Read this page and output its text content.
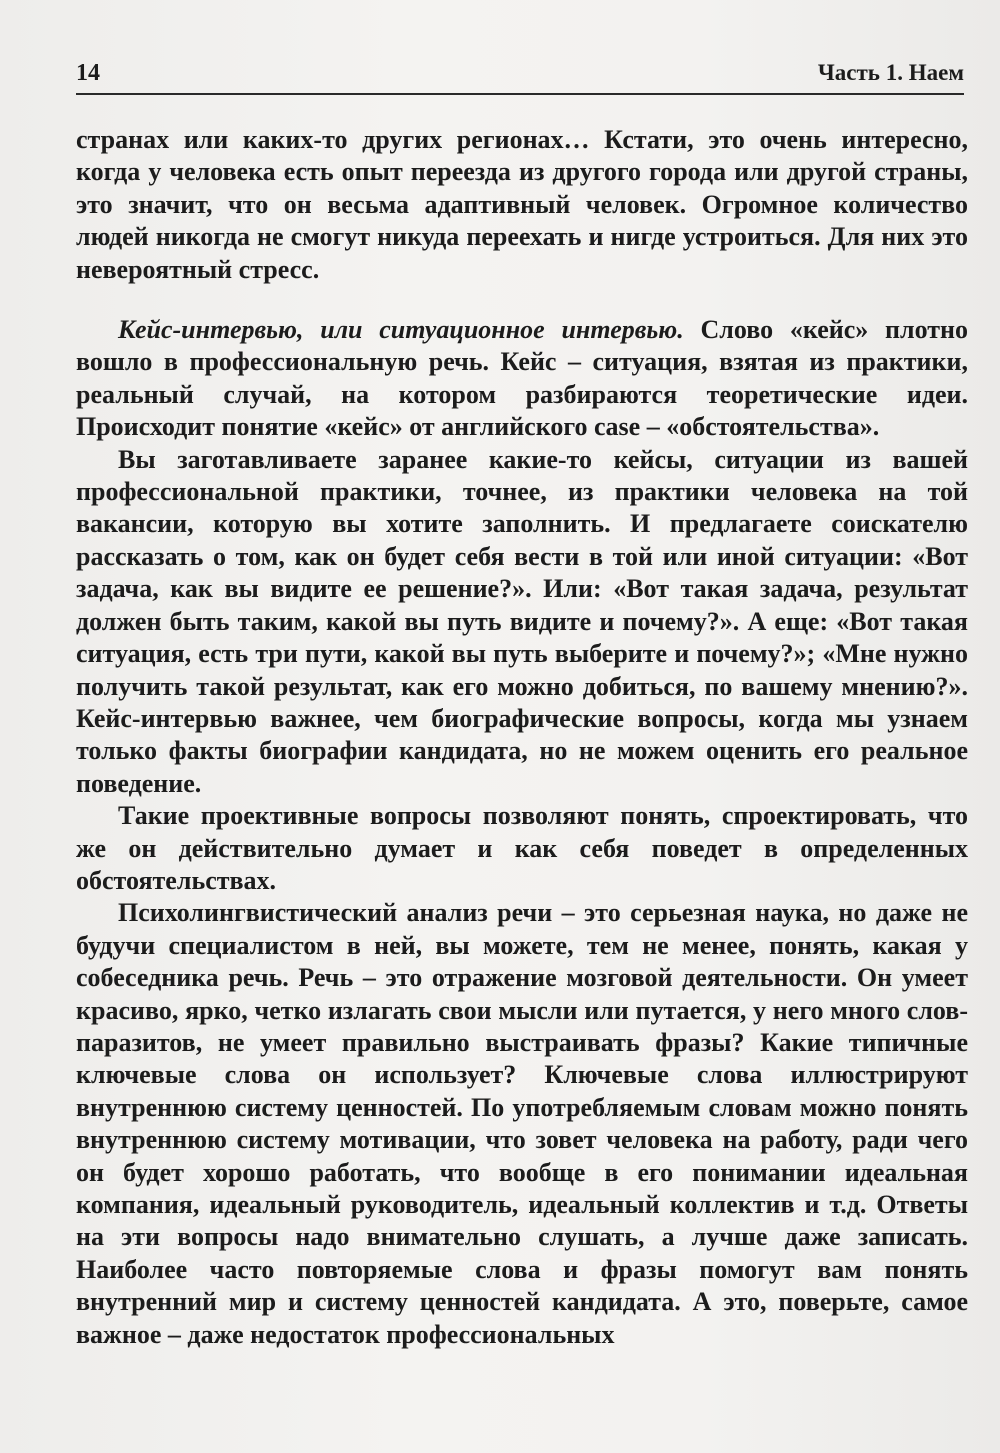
14	Часть 1. Наем

странах или каких-то других регионах… Кстати, это очень интересно, когда у человека есть опыт переезда из другого города или другой страны, это значит, что он весьма адаптивный человек. Огромное количество людей никогда не смогут никуда переехать и нигде устроиться. Для них это невероятный стресс.

Кейс-интервью, или ситуационное интервью. Слово «кейс» плотно вошло в профессиональную речь. Кейс – ситуация, взятая из практики, реальный случай, на котором разбираются теоретические идеи. Происходит понятие «кейс» от английского case – «обстоятельства».

Вы заготавливаете заранее какие-то кейсы, ситуации из вашей профессиональной практики, точнее, из практики человека на той вакансии, которую вы хотите заполнить. И предлагаете соискателю рассказать о том, как он будет себя вести в той или иной ситуации: «Вот задача, как вы видите ее решение?». Или: «Вот такая задача, результат должен быть таким, какой вы путь видите и почему?». А еще: «Вот такая ситуация, есть три пути, какой вы путь выберите и почему?»; «Мне нужно получить такой результат, как его можно добиться, по вашему мнению?». Кейс-интервью важнее, чем биографические вопросы, когда мы узнаем только факты биографии кандидата, но не можем оценить его реальное поведение.

Такие проективные вопросы позволяют понять, спроектировать, что же он действительно думает и как себя поведет в определенных обстоятельствах.

Психолингвистический анализ речи – это серьезная наука, но даже не будучи специалистом в ней, вы можете, тем не менее, понять, какая у собеседника речь. Речь – это отражение мозговой деятельности. Он умеет красиво, ярко, четко излагать свои мысли или путается, у него много слов-паразитов, не умеет правильно выстраивать фразы? Какие типичные ключевые слова он использует? Ключевые слова иллюстрируют внутреннюю систему ценностей. По употребляемым словам можно понять внутреннюю систему мотивации, что зовет человека на работу, ради чего он будет хорошо работать, что вообще в его понимании идеальная компания, идеальный руководитель, идеальный коллектив и т.д. Ответы на эти вопросы надо внимательно слушать, а лучше даже записать. Наиболее часто повторяемые слова и фразы помогут вам понять внутренний мир и систему ценностей кандидата. А это, поверьте, самое важное – даже недостаток профессиональных
